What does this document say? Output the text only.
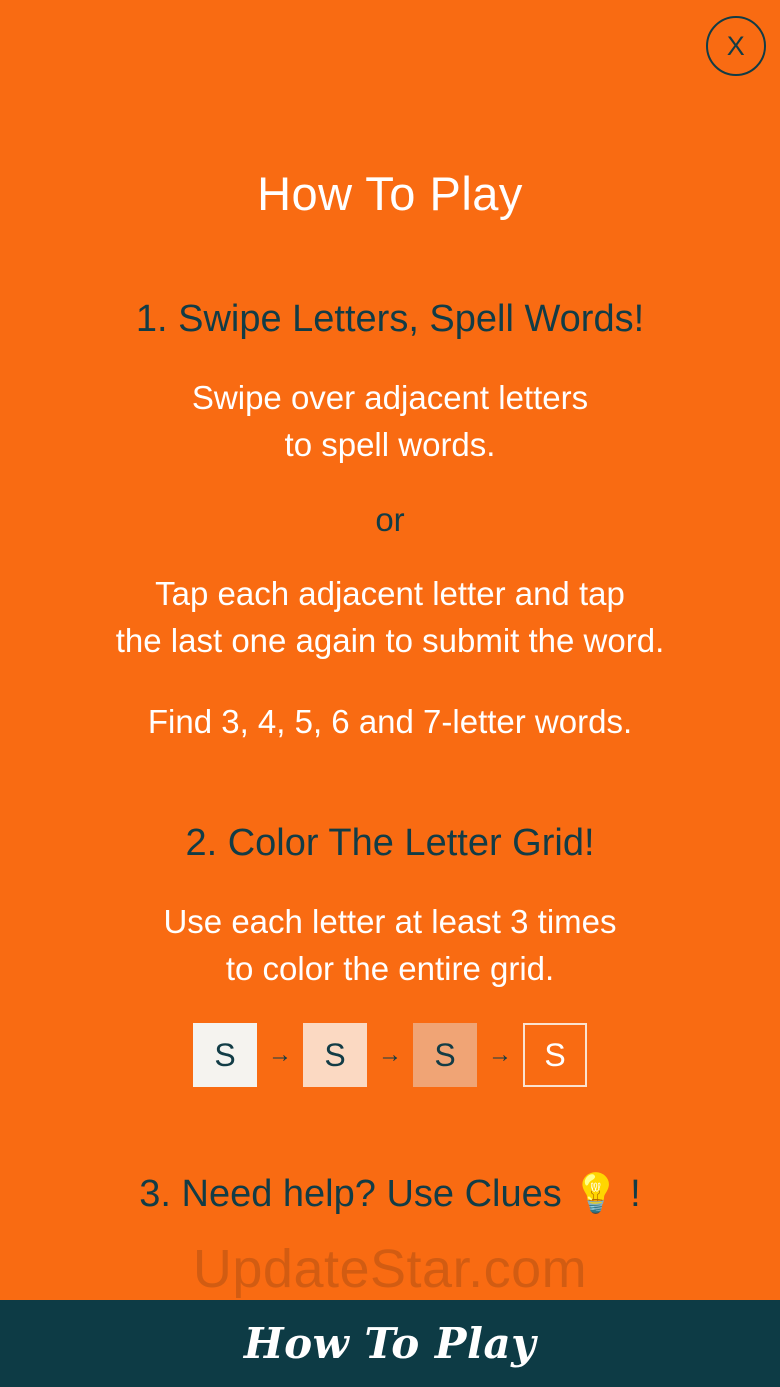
X
How To Play
1. Swipe Letters, Spell Words!
Swipe over adjacent letters
to spell words.
or
Tap each adjacent letter and tap
the last one again to submit the word.
Find 3, 4, 5, 6 and 7-letter words.
2. Color The Letter Grid!
Use each letter at least 3 times
to color the entire grid.
S	→	S	→	S	→	S
3. Need help? Use Clues 💡 !
UpdateStar.com
How To Play
